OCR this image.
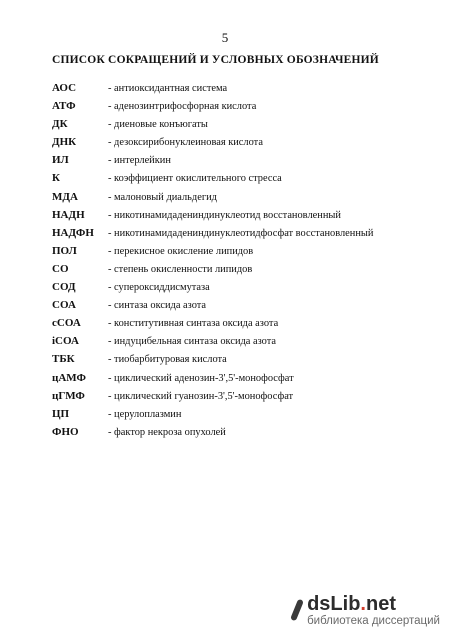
5
СПИСОК СОКРАЩЕНИЙ И УСЛОВНЫХ ОБОЗНАЧЕНИЙ
АОС	- антиоксидантная система
АТФ	- аденозинтрифосфорная кислота
ДК	- диеновые конъюгаты
ДНК	- дезоксирибонуклеиновая кислота
ИЛ	- интерлейкин
К	- коэффициент окислительного стресса
МДА	- малоновый диальдегид
НАДН	- никотинамидадениндинуклеотид восстановленный
НАДФН	- никотинамидадениндинуклеотидфосфат восстановленный
ПОЛ	- перекисное окисление липидов
СО	- степень окисленности липидов
СОД	- супероксиддисмутаза
СОА	- синтаза оксида азота
сСОА	- конститутивная синтаза оксида азота
iСОА	- индуцибельная синтаза оксида азота
ТБК	- тиобарбитуровая кислота
цАМФ	- циклический аденозин-3',5'-монофосфат
цГМФ	- циклический гуанозин-3',5'-монофосфат
ЦП	- церулоплазмин
ФНО	- фактор некроза опухолей
dsLib.net
библиотека диссертаций
